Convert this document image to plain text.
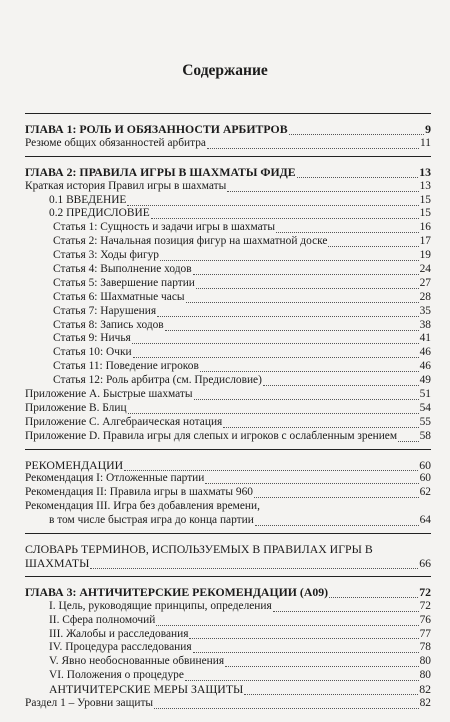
Содержание
ГЛАВА 1: РОЛЬ И ОБЯЗАННОСТИ АРБИТРОВ	9
Резюме общих обязанностей арбитра	11
ГЛАВА 2: ПРАВИЛА ИГРЫ В ШАХМАТЫ ФИДЕ	13
Краткая история Правил игры в шахматы	13
0.1 ВВЕДЕНИЕ	15
0.2 ПРЕДИСЛОВИЕ	15
Статья 1: Сущность и задачи игры в шахматы	16
Статья 2: Начальная позиция фигур на шахматной доске	17
Статья 3: Ходы фигур	19
Статья 4: Выполнение ходов	24
Статья 5: Завершение партии	27
Статья 6: Шахматные часы	28
Статья 7: Нарушения	35
Статья 8: Запись ходов	38
Статья 9: Ничья	41
Статья 10: Очки	46
Статья 11: Поведение игроков	46
Статья 12: Роль арбитра (см. Предисловие)	49
Приложение А. Быстрые шахматы	51
Приложение В. Блиц	54
Приложение С. Алгебраическая нотация	55
Приложение D. Правила игры для слепых и игроков с ослабленным зрением 58
РЕКОМЕНДАЦИИ	60
Рекомендация I: Отложенные партии	60
Рекомендация II: Правила игры в шахматы 960	62
Рекомендация III. Игра без добавления времени,
в том числе быстрая игра до конца партии	64
СЛОВАРЬ ТЕРМИНОВ, ИСПОЛЬЗУЕМЫХ В ПРАВИЛАХ ИГРЫ В
ШАХМАТЫ	66
ГЛАВА 3: АНТИЧИТЕРСКИЕ РЕКОМЕНДАЦИИ (А09)	72
I. Цель, руководящие принципы, определения	72
II. Сфера полномочий	76
III. Жалобы и расследования	77
IV. Процедура расследования	78
V. Явно необоснованные обвинения	80
VI. Положения о процедуре	80
АНТИЧИТЕРСКИЕ МЕРЫ ЗАЩИТЫ	82
Раздел 1 – Уровни защиты	82
